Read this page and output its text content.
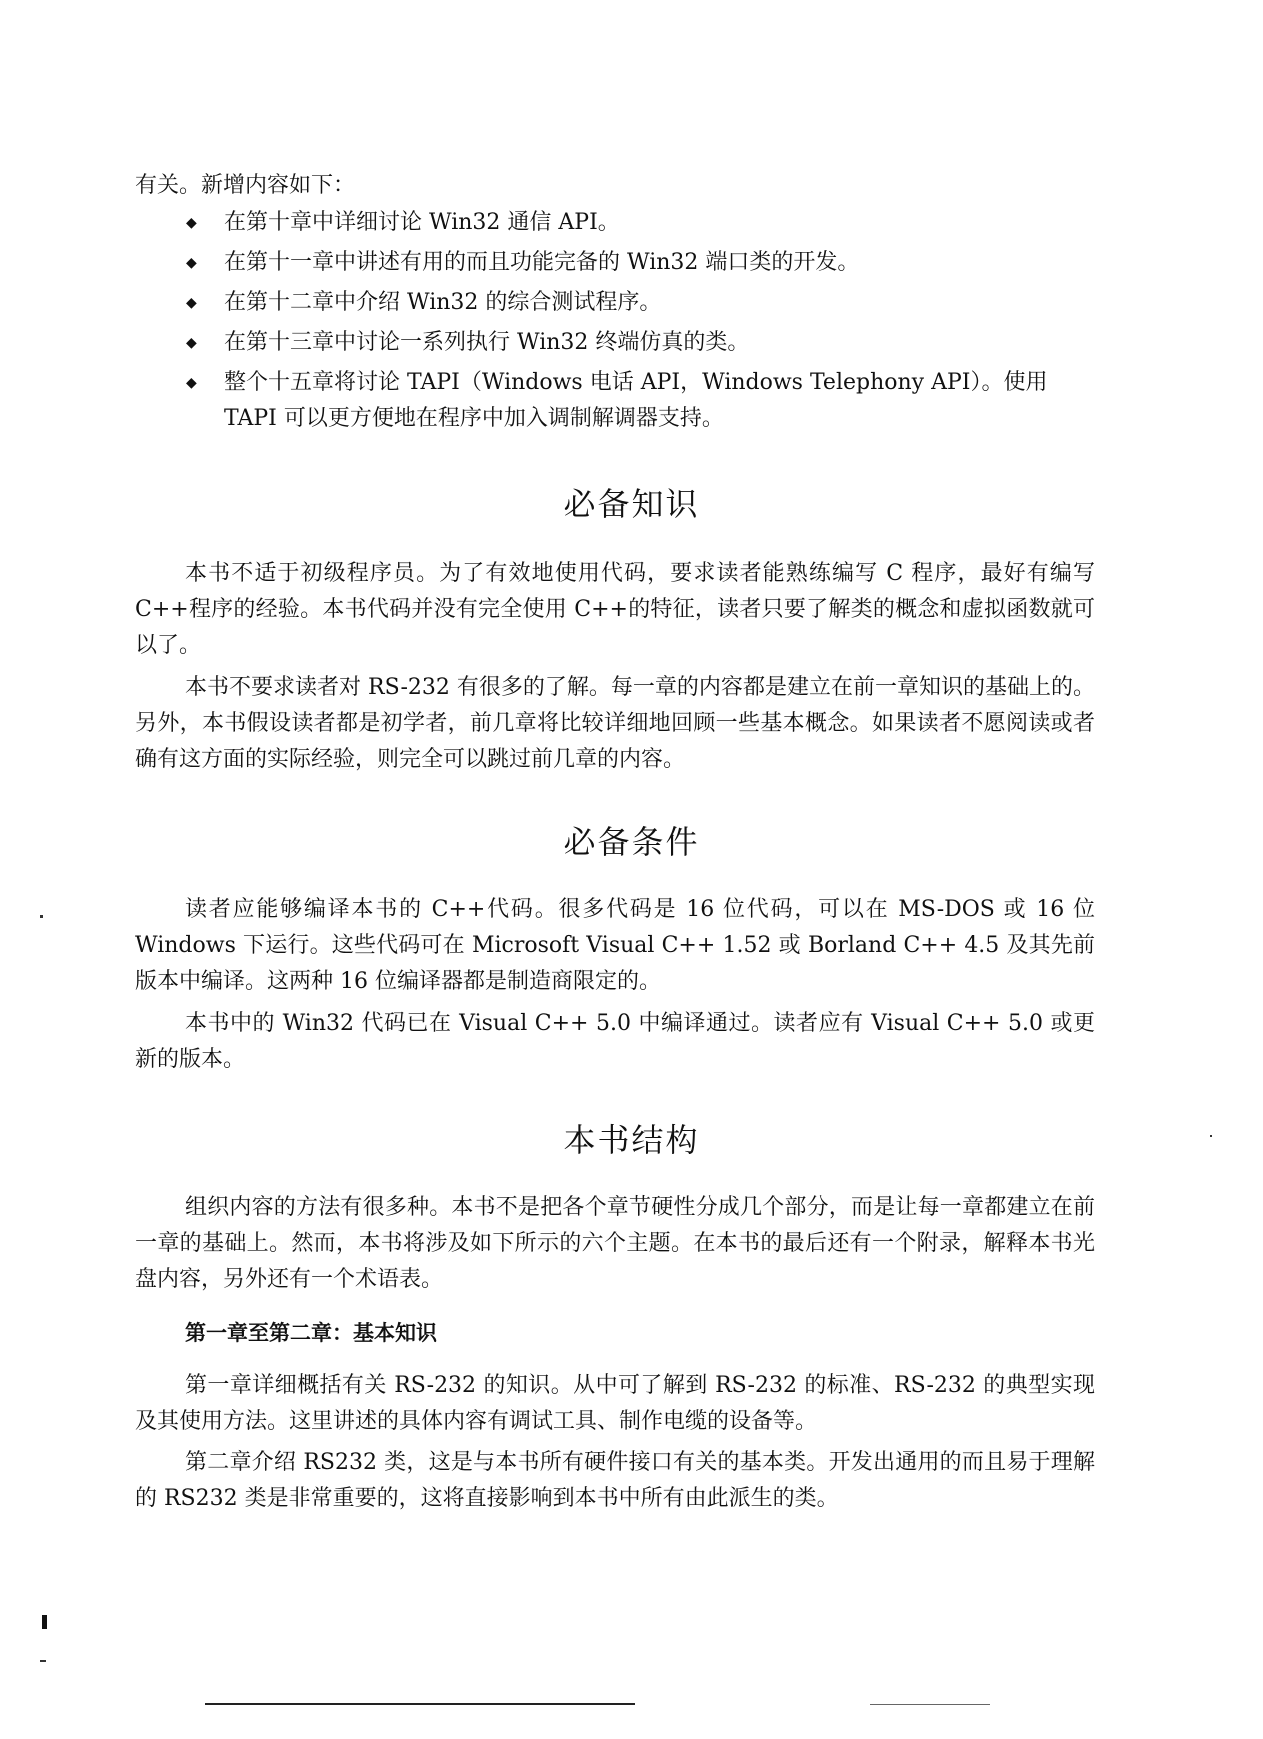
有关。新增内容如下：

◆ 在第十章中详细讨论 Win32 通信 API。
◆ 在第十一章中讲述有用的而且功能完备的 Win32 端口类的开发。
◆ 在第十二章中介绍 Win32 的综合测试程序。
◆ 在第十三章中讨论一系列执行 Win32 终端仿真的类。
◆ 整个十五章将讨论 TAPI（Windows 电话 API，Windows Telephony API）。使用 TAPI 可以更方便地在程序中加入调制解调器支持。
必备知识

本书不适于初级程序员。为了有效地使用代码，要求读者能熟练编写 C 程序，最好有编写 C++程序的经验。本书代码并没有完全使用 C++的特征，读者只要了解类的概念和虚拟函数就可以了。

本书不要求读者对 RS-232 有很多的了解。每一章的内容都是建立在前一章知识的基础上的。另外，本书假设读者都是初学者，前几章将比较详细地回顾一些基本概念。如果读者不愿阅读或者确有这方面的实际经验，则完全可以跳过前几章的内容。

必备条件

读者应能够编译本书的 C++代码。很多代码是 16 位代码，可以在 MS-DOS 或 16 位 Windows 下运行。这些代码可在 Microsoft Visual C++ 1.52 或 Borland C++ 4.5 及其先前版本中编译。这两种 16 位编译器都是制造商限定的。

本书中的 Win32 代码已在 Visual C++ 5.0 中编译通过。读者应有 Visual C++ 5.0 或更新的版本。

本书结构

组织内容的方法有很多种。本书不是把各个章节硬性分成几个部分，而是让每一章都建立在前一章的基础上。然而，本书将涉及如下所示的六个主题。在本书的最后还有一个附录，解释本书光盘内容，另外还有一个术语表。

第一章至第二章：基本知识

第一章详细概括有关 RS-232 的知识。从中可了解到 RS-232 的标准、RS-232 的典型实现及其使用方法。这里讲述的具体内容有调试工具、制作电缆的设备等。

第二章介绍 RS232 类，这是与本书所有硬件接口有关的基本类。开发出通用的而且易于理解的 RS232 类是非常重要的，这将直接影响到本书中所有由此派生的类。
